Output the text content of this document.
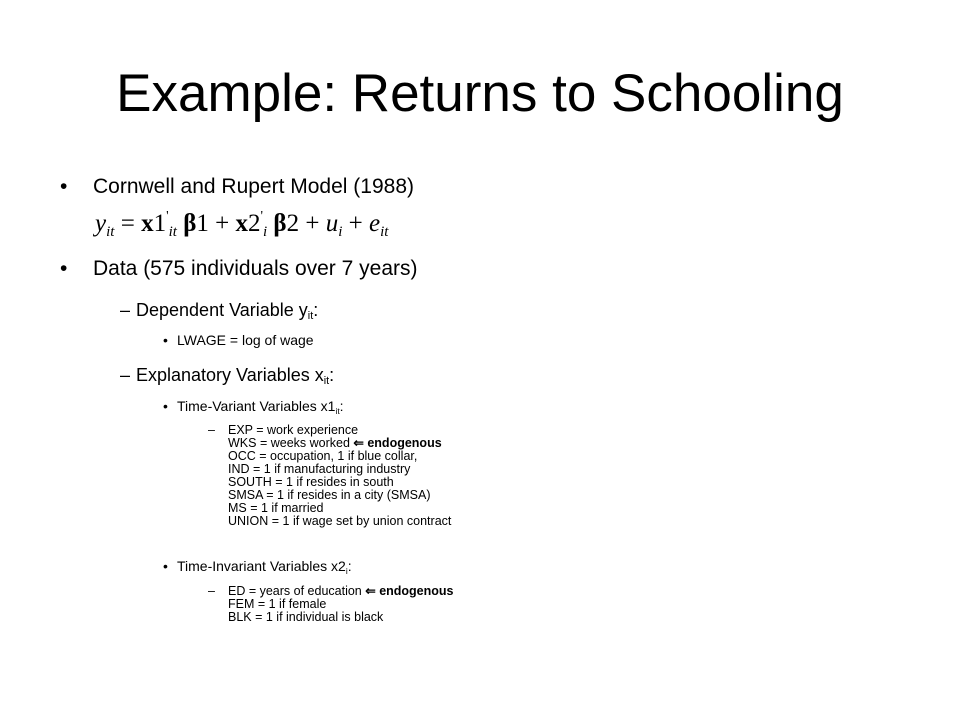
Example: Returns to Schooling
• Cornwell and Rupert Model (1988)
$y_{it} = x1'_{it}$ $\beta 1 + x2'_i$ $\beta 2 + u_i + e_{it}$
• Data (575 individuals over 7 years)
– Dependent Variable $y_{it}$:
• LWAGE = log of wage
– Explanatory Variables $x_{it}$:
• Time-Variant Variables $x1_{it}$:
– EXP = work experience
WKS = weeks worked ⇐ endogenous
OCC = occupation, 1 if blue collar,
IND = 1 if manufacturing industry
SOUTH = 1 if resides in south
SMSA = 1 if resides in a city (SMSA)
MS = 1 if married
UNION = 1 if wage set by union contract
• Time-Invariant Variables $x2_i$:
– ED = years of education ⇐ endogenous
FEM = 1 if female
BLK = 1 if individual is black
